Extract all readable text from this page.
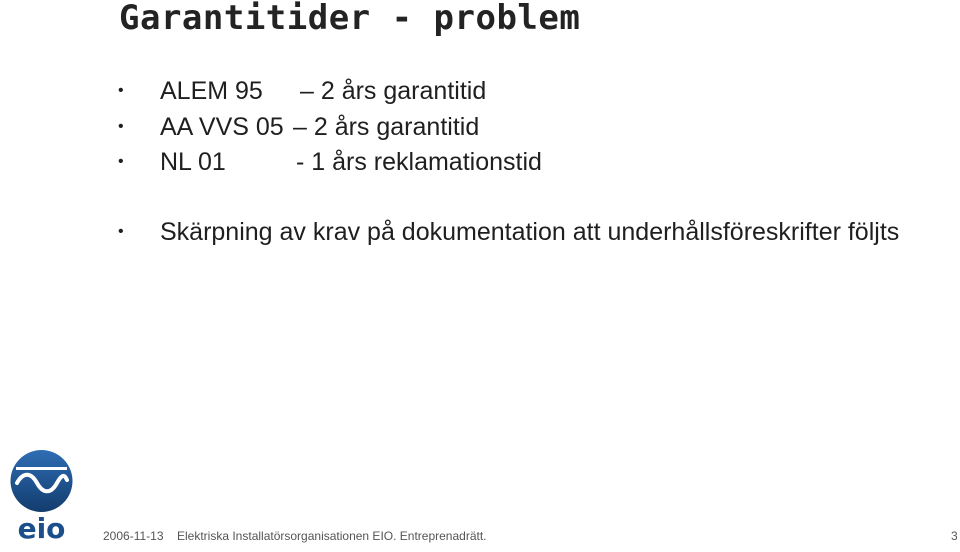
Garantitider - problem
• ALEM 95 – 2 års garantitid
• AA VVS 05 – 2 års garantitid
• NL 01	- 1 års reklamationstid
• Skärpning av krav på dokumentation att underhållsföreskrifter följts
eio	2006-11-13 Elektriska Installatörsorganisationen EIO. Entreprenadrätt.	3
